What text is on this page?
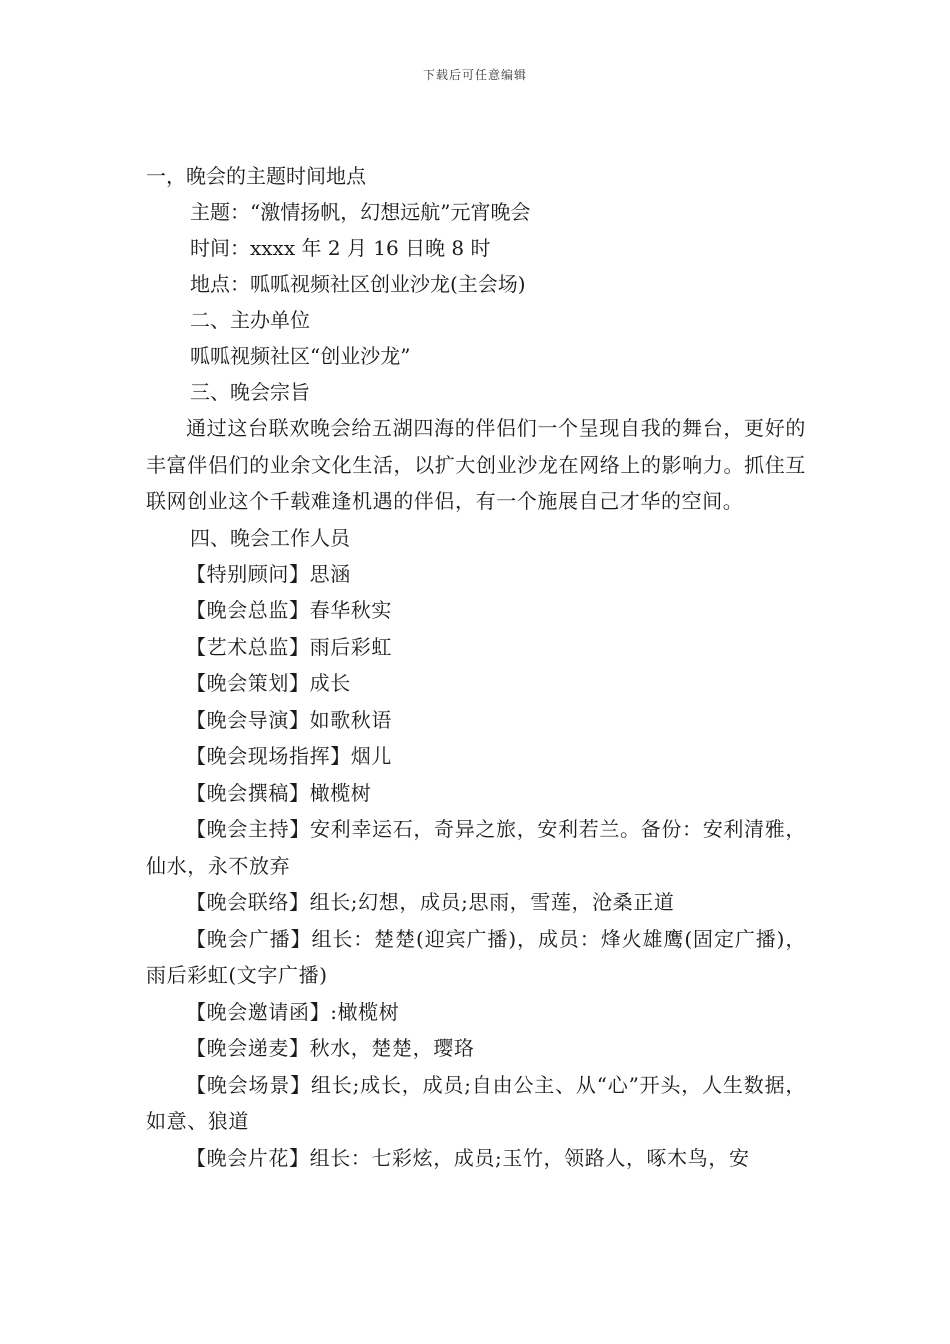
下载后可任意编辑

一，晚会的主题时间地点

主题：“激情扬帆，幻想远航”元宵晚会

时间：xxxx 年 2 月 16 日晚 8 时

地点：呱呱视频社区创业沙龙(主会场)

二、主办单位

呱呱视频社区“创业沙龙”

三、晚会宗旨

通过这台联欢晚会给五湖四海的伴侣们一个呈现自我的舞台，更好的丰富伴侣们的业余文化生活，以扩大创业沙龙在网络上的影响力。抓住互联网创业这个千载难逢机遇的伴侣，有一个施展自己才华的空间。

四、晚会工作人员

【特别顾问】思涵

【晚会总监】春华秋实

【艺术总监】雨后彩虹

【晚会策划】成长

【晚会导演】如歌秋语

【晚会现场指挥】烟儿

【晚会撰稿】橄榄树

【晚会主持】安利幸运石，奇异之旅，安利若兰。备份：安利清雅，仙水，永不放弃

【晚会联络】组长;幻想，成员;思雨，雪莲，沧桑正道

【晚会广播】组长：楚楚(迎宾广播)，成员：烽火雄鹰(固定广播)，雨后彩虹(文字广播)

【晚会邀请函】:橄榄树

【晚会递麦】秋水，楚楚，璎珞

【晚会场景】组长;成长，成员;自由公主、从“心”开头，人生数据，如意、狼道

【晚会片花】组长：七彩炫，成员;玉竹，领路人，啄木鸟，安
